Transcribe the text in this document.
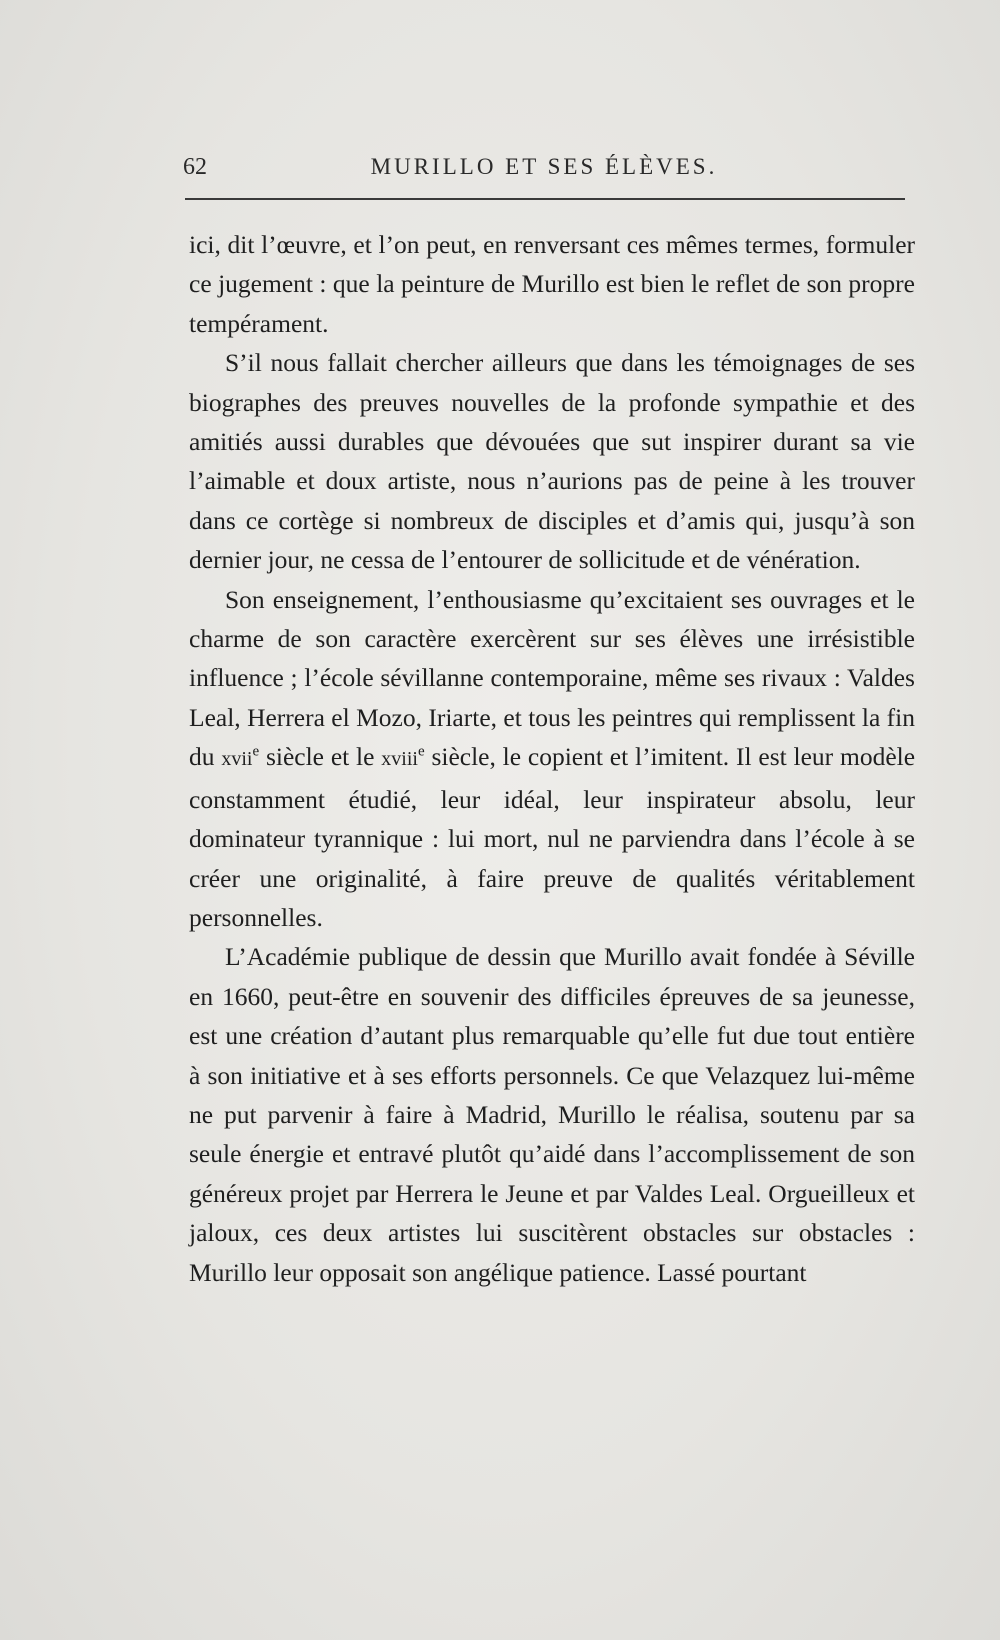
62	MURILLO ET SES ÉLÈVES.

ici, dit l’œuvre, et l’on peut, en renversant ces mêmes termes, formuler ce jugement : que la peinture de Murillo est bien le reflet de son propre tempérament.

S’il nous fallait chercher ailleurs que dans les témoignages de ses biographes des preuves nouvelles de la profonde sympathie et des amitiés aussi durables que dévouées que sut inspirer durant sa vie l’aimable et doux artiste, nous n’aurions pas de peine à les trouver dans ce cortège si nombreux de disciples et d’amis qui, jusqu’à son dernier jour, ne cessa de l’entourer de sollicitude et de vénération.

Son enseignement, l’enthousiasme qu’excitaient ses ouvrages et le charme de son caractère exercèrent sur ses élèves une irrésistible influence ; l’école sévillanne contemporaine, même ses rivaux : Valdes Leal, Herrera el Mozo, Iriarte, et tous les peintres qui remplissent la fin du xvii$^e$ siècle et le xviii$^e$ siècle, le copient et l’imitent. Il est leur modèle constamment étudié, leur idéal, leur inspirateur absolu, leur dominateur tyrannique : lui mort, nul ne parviendra dans l’école à se créer une originalité, à faire preuve de qualités véritablement personnelles.

L’Académie publique de dessin que Murillo avait fondée à Séville en 1660, peut-être en souvenir des difficiles épreuves de sa jeunesse, est une création d’autant plus remarquable qu’elle fut due tout entière à son initiative et à ses efforts personnels. Ce que Velazquez lui-même ne put parvenir à faire à Madrid, Murillo le réalisa, soutenu par sa seule énergie et entravé plutôt qu’aidé dans l’accomplissement de son généreux projet par Herrera le Jeune et par Valdes Leal. Orgueilleux et jaloux, ces deux artistes lui suscitèrent obstacles sur obstacles : Murillo leur opposait son angélique patience. Lassé pourtant
